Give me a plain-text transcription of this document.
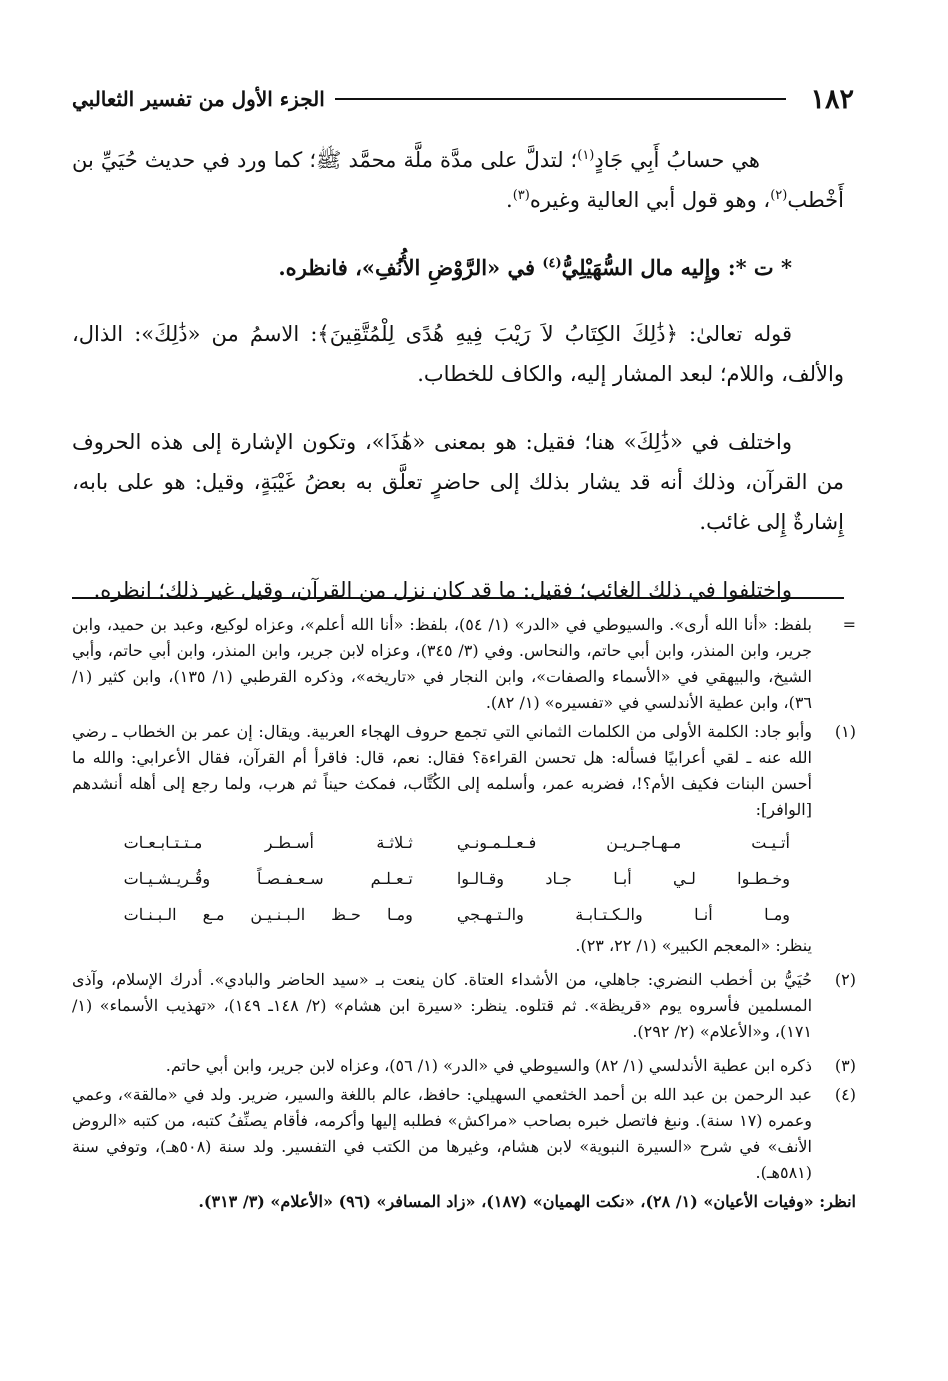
١٨٢
الجزء الأول من تفسير الثعالبي

هي حسابُ أَبِي جَادٍ$^{(١)}$؛ لتدلَّ على مدَّة ملَّة محمَّد ﷺ؛ كما ورد في حديث حُيَيِّ بن أَخْطب$^{(٢)}$، وهو قول أبي العالية وغيره$^{(٣)}$.

* ت *: وإِليه مال السُّهَيْلِيُّ$^{(٤)}$ في «الرَّوْضِ الأُنُفِ»، فانظره.

قوله تعالىٰ: ﴿ذَٰلِكَ الكِتَابُ لاَ رَيْبَ فِيهِ هُدًى لِلْمُتَّقِينَ﴾: الاسمُ من «ذَٰلِكَ»: الذال، والألف، واللام؛ لبعد المشار إليه، والكاف للخطاب.

واختلف في «ذَٰلِكَ» هنا؛ فقيل: هو بمعنى «هَٰذَا»، وتكون الإشارة إلى هذه الحروف من القرآن، وذلك أنه قد يشار بذلك إلى حاضرٍ تعلَّق به بعضُ غَيْبَةٍ، وقيل: هو على بابه، إِشارةٌ إِلى غائب.

واختلفوا في ذلك الغائب؛ فقيل: ما قد كان نزل من القرآن، وقيل غير ذلك؛ انظره.

=

بلفظ: «أنا الله أرى». والسيوطي في «الدر» (١/ ٥٤)، بلفظ: «أنا الله أعلم»، وعزاه لوكيع، وعبد بن حميد، وابن جرير، وابن المنذر، وابن أبي حاتم، والنحاس. وفي (٣/ ٣٤٥)، وعزاه لابن جرير، وابن المنذر، وابن أبي حاتم، وأبي الشيخ، والبيهقي في «الأسماء والصفات»، وابن النجار في «تاريخه»، وذكره القرطبي (١/ ١٣٥)، وابن كثير (١/ ٣٦)، وابن عطية الأندلسي في «تفسيره» (١/ ٨٢).

(١)

وأبو جاد: الكلمة الأولى من الكلمات الثماني التي تجمع حروف الهجاء العربية. ويقال: إن عمر بن الخطاب ـ رضي الله عنه ـ لقي أعرابيًا فسأله: هل تحسن القراءة؟ فقال: نعم، قال: فاقرأ أم القرآن، فقال الأعرابي: والله ما أحسن البنات فكيف الأم؟!، فضربه عمر، وأسلمه إلى الكُتَّاب، فمكث حيناً ثم هرب، ولما رجع إلى أهله أنشدهم [الوافر]:

أتـيـت مـهـاجـريـن فـعـلـمـونـي
ثـلاثـة أسـطـر مـتـتـابـعـات
وخـطـوا لـي أبـا جـاد وقـالـوا
تـعـلـم سـعـفـصـاً وقُـريـشـيـات
ومـا أنـا والـكـتـابـة والـتـهـجي
ومـا حـظ الـبـنـيـن مـع الـبـنـات

ينظر: «المعجم الكبير» (١/ ٢٢، ٢٣).

(٢)

حُيَيُّ بن أخطب النضري: جاهلي، من الأشداء العتاة. كان ينعت بـ «سيد الحاضر والبادي». أدرك الإسلام، وآذى المسلمين فأسروه يوم «قريظة». ثم قتلوه. ينظر: «سيرة ابن هشام» (٢/ ١٤٨ـ ١٤٩)، «تهذيب الأسماء» (١/ ١٧١)، و«الأعلام» (٢/ ٢٩٢).

(٣)

ذكره ابن عطية الأندلسي (١/ ٨٢) والسيوطي في «الدر» (١/ ٥٦)، وعزاه لابن جرير، وابن أبي حاتم.

(٤)

عبد الرحمن بن عبد الله بن أحمد الخثعمي السهيلي: حافظ، عالم باللغة والسير، ضرير. ولد في «مالقة»، وعمي وعمره (١٧ سنة). ونبغ فاتصل خبره بصاحب «مراكش» فطلبه إليها وأكرمه، فأقام يصنِّفُ كتبه، من كتبه «الروض الأنف» في شرح «السيرة النبوية» لابن هشام، وغيرها من الكتب في التفسير. ولد سنة (٥٠٨هـ)، وتوفي سنة (٥٨١هـ).

انظر: «وفيات الأعيان» (١/ ٢٨)، «نكت الهميان» (١٨٧)، «زاد المسافر» (٩٦) «الأعلام» (٣/ ٣١٣).
